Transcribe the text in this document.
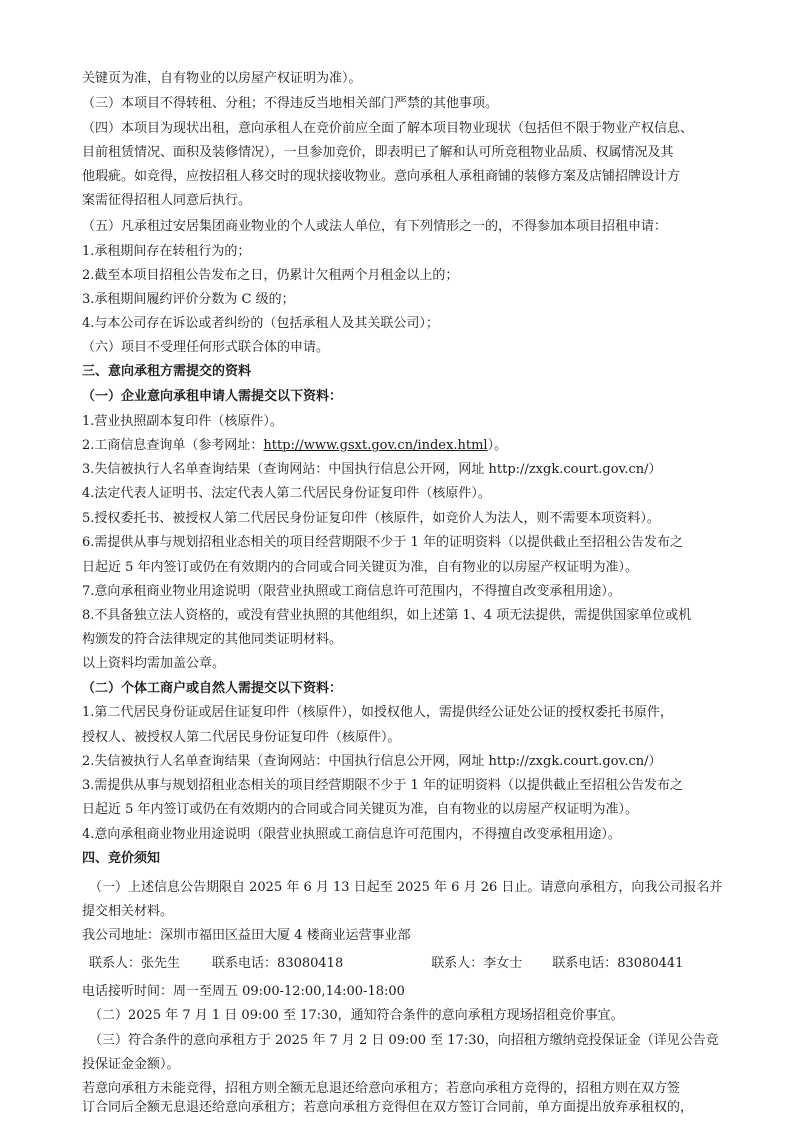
关键页为准，自有物业的以房屋产权证明为准）。
（三）本项目不得转租、分租；不得违反当地相关部门严禁的其他事项。
（四）本项目为现状出租，意向承租人在竞价前应全面了解本项目物业现状（包括但不限于物业产权信息、
目前租赁情况、面积及装修情况），一旦参加竞价，即表明已了解和认可所竞租物业品质、权属情况及其
他瑕疵。如竞得，应按招租人移交时的现状接收物业。意向承租人承租商铺的装修方案及店铺招牌设计方
案需征得招租人同意后执行。
（五）凡承租过安居集团商业物业的个人或法人单位，有下列情形之一的，不得参加本项目招租申请：
1.承租期间存在转租行为的；
2.截至本项目招租公告发布之日，仍累计欠租两个月租金以上的；
3.承租期间履约评价分数为 C 级的；
4.与本公司存在诉讼或者纠纷的（包括承租人及其关联公司）；
（六）项目不受理任何形式联合体的申请。
三、意向承租方需提交的资料
（一）企业意向承租申请人需提交以下资料：
1.营业执照副本复印件（核原件）。
2.工商信息查询单（参考网址：http://www.gsxt.gov.cn/index.html）。
3.失信被执行人名单查询结果（查询网站：中国执行信息公开网，网址 http://zxgk.court.gov.cn/）
4.法定代表人证明书、法定代表人第二代居民身份证复印件（核原件）。
5.授权委托书、被授权人第二代居民身份证复印件（核原件，如竞价人为法人，则不需要本项资料）。
6.需提供从事与规划招租业态相关的项目经营期限不少于 1 年的证明资料（以提供截止至招租公告发布之
日起近 5 年内签订或仍在有效期内的合同或合同关键页为准，自有物业的以房屋产权证明为准）。
7.意向承租商业物业用途说明（限营业执照或工商信息许可范围内，不得擅自改变承租用途）。
8.不具备独立法人资格的，或没有营业执照的其他组织，如上述第 1、4 项无法提供，需提供国家单位或机
构颁发的符合法律规定的其他同类证明材料。
以上资料均需加盖公章。
（二）个体工商户或自然人需提交以下资料：
1.第二代居民身份证或居住证复印件（核原件），如授权他人，需提供经公证处公证的授权委托书原件，
授权人、被授权人第二代居民身份证复印件（核原件）。
2.失信被执行人名单查询结果（查询网站：中国执行信息公开网，网址 http://zxgk.court.gov.cn/）
3.需提供从事与规划招租业态相关的项目经营期限不少于 1 年的证明资料（以提供截止至招租公告发布之
日起近 5 年内签订或仍在有效期内的合同或合同关键页为准，自有物业的以房屋产权证明为准）。
4.意向承租商业物业用途说明（限营业执照或工商信息许可范围内，不得擅自改变承租用途）。
四、竞价须知
（一）上述信息公告期限自 2025 年 6 月 13 日起至 2025 年 6 月 26 日止。请意向承租方，向我公司报名并
提交相关材料。
我公司地址：深圳市福田区益田大厦 4 楼商业运营事业部
联系人：张先生 联系电话：83080418	联系人：李女士 联系电话：83080441
电话接听时间：周一至周五 09:00-12:00,14:00-18:00
（二）2025 年 7 月 1 日 09:00 至 17:30，通知符合条件的意向承租方现场招租竞价事宜。
（三）符合条件的意向承租方于 2025 年 7 月 2 日 09:00 至 17:30，向招租方缴纳竞投保证金（详见公告竞
投保证金金额）。
若意向承租方未能竞得，招租方则全额无息退还给意向承租方；若意向承租方竞得的，招租方则在双方签
订合同后全额无息退还给意向承租方；若意向承租方竞得但在双方签订合同前，单方面提出放弃承租权的，
